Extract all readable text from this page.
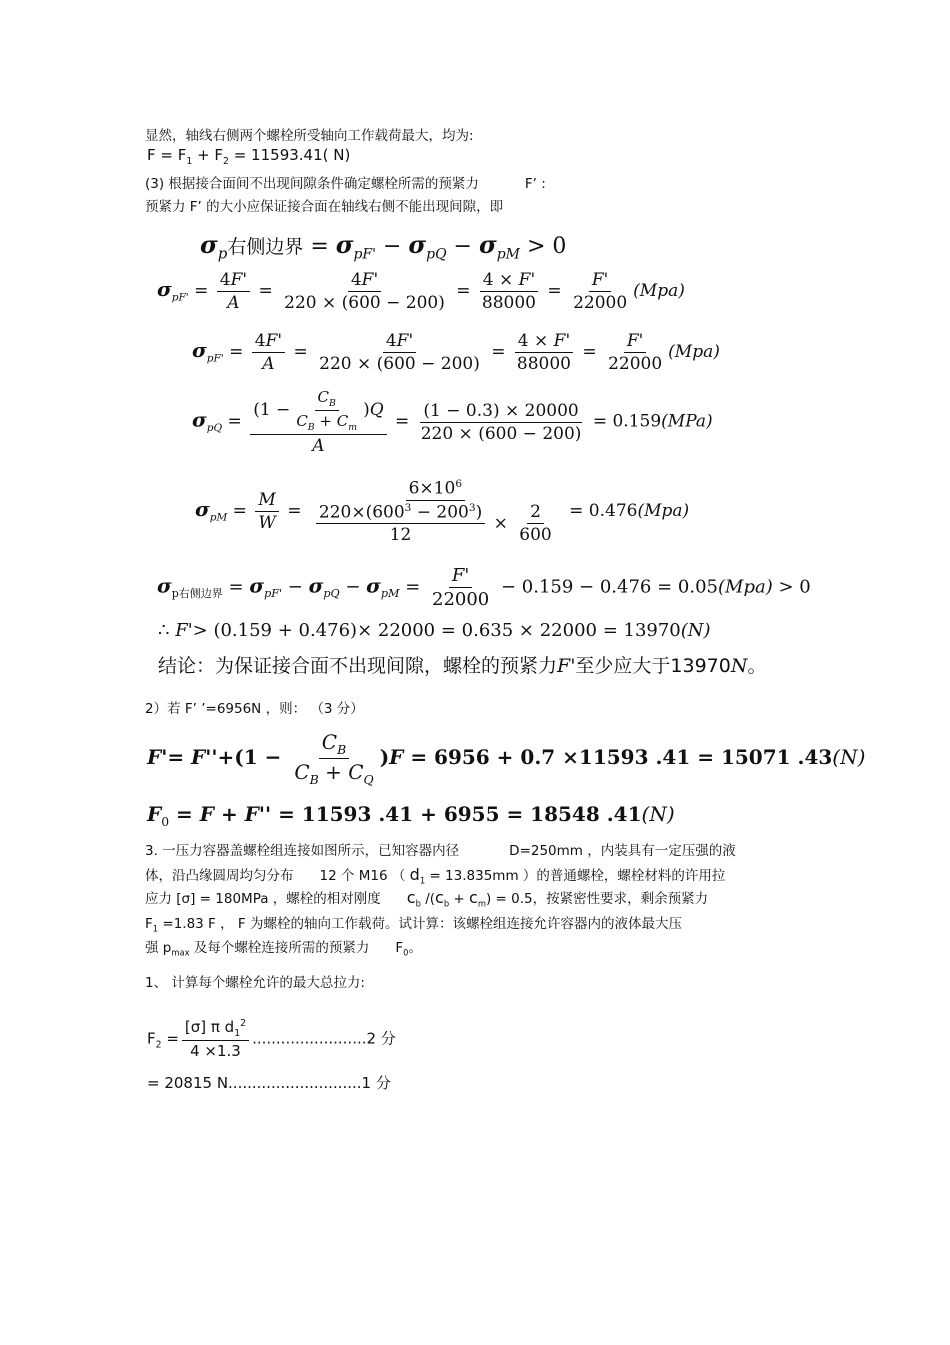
显然，轴线右侧两个螺栓所受轴向工作载荷最大，均为:
$F = F_1 + F_2 = 11593.41$( N)
(3) 根据接合面间不出现间隙条件确定螺栓所需的预紧力	F’ :
预紧力 F’ 的大小应保证接合面在轴线右侧不能出现间隙，即
$\sigma_p$右侧边界 = $\sigma_{pF'} - \sigma_{pQ} - \sigma_{pM} > 0$
$\sigma_{pF'} = \frac{4F'}{A} = \frac{4F'}{220 \times (600 - 200)} = \frac{4 \times F'}{88000} = \frac{F'}{22000} (Mpa)$
$\sigma_{pF'} = \frac{4F'}{A} = \frac{4F'}{220 \times (600 - 200)} = \frac{4 \times F'}{88000} = \frac{F'}{22000} (Mpa)$
$\sigma_{pQ} = \frac{(1 - \frac{C_B}{C_B + C_m} )Q}{A} = \frac{(1 - 0.3) \times 20000}{220 \times (600 - 200)} = 0.159(MPa)$
$\sigma_{pM} = \frac{M}{W} = \frac{6\times 10^6}{\frac{220\times(600^3 - 200^3)}{12} \times \frac{2}{600}} = 0.476(Mpa)$
$\sigma_{p右侧边界} = \sigma_{pF'} - \sigma_{pQ} - \sigma_{pM} = \frac{F'}{22000} - 0.159 - 0.476 = 0.05(Mpa) > 0$
∴ F'> (0.159 + 0.476)× 22000 = 0.635 × 22000 = 13970(N)
结论：为保证接合面不出现间隙，螺栓的预紧力F'至少应大于13970N。
2）若 F’ ’=6956N ，则： （3 分）
$F'= F''+(1 - \frac{C_B}{C_B + C_Q} )F = 6956 + 0.7 \times 11593$ .41 = 15071 .43(N)
$F_0 = F + F'' = 11593$ .41 + 6955 = 18548 .41(N)
3. 一压力容器盖螺栓组连接如图所示，已知容器内径	D=250mm ，内装具有一定压强的液
体，沿凸缘圆周均匀分布 12 个 M16 （ $d_1 = 13.835mm$ ）的普通螺栓，螺栓材料的许用拉
应力 [σ] = 180MPa ，螺栓的相对刚度 $c_b$ $/(c_b + c_m) = 0.5$，按紧密性要求，剩余预紧力
$F_1 =1.83$ F ， F 为螺栓的轴向工作载荷。试计算：该螺栓组连接允许容器内的液体最大压
强 $p_{max}$ 及每个螺栓连接所需的预紧力 $F_0$。
1、 计算每个螺栓允许的最大总拉力:
$F_2 = \frac{[\sigma] \pi d_1^2}{4 \times 1.3} ........................2$ 分
= 20815 N............................1 分
